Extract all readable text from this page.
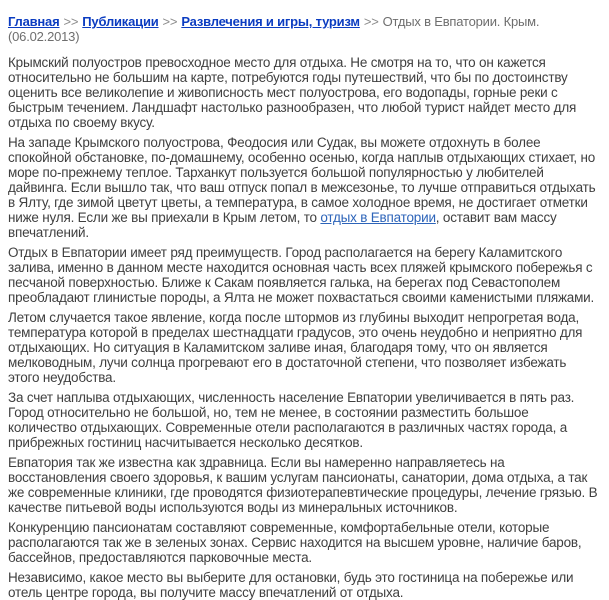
Главная >> Публикации >> Развлечения и игры, туризм >> Отдых в Евпатории. Крым. (06.02.2013)

Крымский полуостров превосходное место для отдыха. Не смотря на то, что он кажется относительно не большим на карте, потребуются годы путешествий, что бы по достоинству оценить все великолепие и живописность мест полуострова, его водопады, горные реки с быстрым течением. Ландшафт настолько разнообразен, что любой турист найдет место для отдыха по своему вкусу.

На западе Крымского полуострова, Феодосия или Судак, вы можете отдохнуть в более спокойной обстановке, по-домашнему, особенно осенью, когда наплыв отдыхающих стихает, но море по-прежнему теплое. Тарханкут пользуется большой популярностью у любителей дайвинга. Если вышло так, что ваш отпуск попал в межсезонье, то лучше отправиться отдыхать в Ялту, где зимой цветут цветы, а температура, в самое холодное время, не достигает отметки ниже нуля. Если же вы приехали в Крым летом, то отдых в Евпатории, оставит вам массу впечатлений.

Отдых в Евпатории имеет ряд преимуществ. Город располагается на берегу Каламитского залива, именно в данном месте находится основная часть всех пляжей крымского побережья с песчаной поверхностью. Ближе к Сакам появляется галька, на берегах под Севастополем преобладают глинистые породы, а Ялта не может похвастаться своими каменистыми пляжами.

Летом случается такое явление, когда после штормов из глубины выходит непрогретая вода, температура которой в пределах шестнадцати градусов, это очень неудобно и неприятно для отдыхающих. Но ситуация в Каламитском заливе иная, благодаря тому, что он является мелководным, лучи солнца прогревают его в достаточной степени, что позволяет избежать этого неудобства.

За счет наплыва отдыхающих, численность население Евпатории увеличивается в пять раз. Город относительно не большой, но, тем не менее, в состоянии разместить большое количество отдыхающих. Современные отели располагаются в различных частях города, а прибрежных гостиниц насчитывается несколько десятков.

Евпатория так же известна как здравница. Если вы намеренно направляетесь на восстановления своего здоровья, к вашим услугам пансионаты, санатории, дома отдыха, а так же современные клиники, где проводятся физиотерапевтические процедуры, лечение грязью. В качестве питьевой воды используются воды из минеральных источников.

Конкуренцию пансионатам составляют современные, комфортабельные отели, которые располагаются так же в зеленых зонах. Сервис находится на высшем уровне, наличие баров, бассейнов, предоставляются парковочные места.

Независимо, какое место вы выберите для остановки, будь это гостиница на побережье или отель центре города, вы получите массу впечатлений от отдыха.
